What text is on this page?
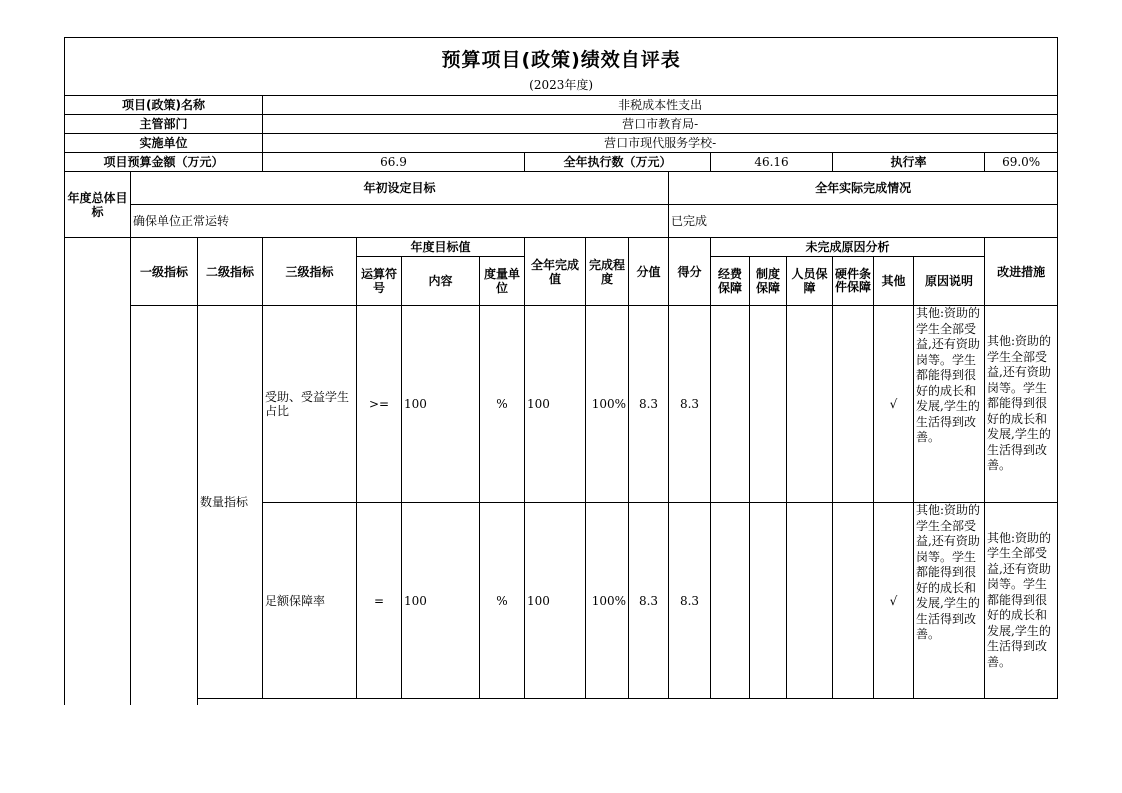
预算项目(政策)绩效自评表																	
(2023年度)																	
项目(政策)名称			非税成本性支出														
主管部门			营口市教育局-														
实施单位			营口市现代服务学校-														
项目预算金额（万元）			66.9				全年执行数（万元）				46.16			执行率			69.0%
年度总体目标	年初设定目标									全年实际完成情况							
	确保单位正常运转									已完成							
	一级指标	二级指标	三级指标	年度目标值			全年完成值	完成程度	分值	得分	未完成原因分析						改进措施
				运算符号	内容	度量单位					经费保障	制度保障	人员保障	硬件条件保障	其他	原因说明	
		数量指标	受助、受益学生占比	>=	100	%	100	100%	8.3	8.3					√	其他:资助的学生全部受益,还有资助岗等。学生都能得到很好的成长和发展,学生的生活得到改善。	其他:资助的学生全部受益,还有资助岗等。学生都能得到很好的成长和发展,学生的生活得到改善。
			足额保障率	=	100	%	100	100%	8.3	8.3					√	其他:资助的学生全部受益,还有资助岗等。学生都能得到很好的成长和发展,学生的生活得到改善。	其他:资助的学生全部受益,还有资助岗等。学生都能得到很好的成长和发展,学生的生活得到改善。
